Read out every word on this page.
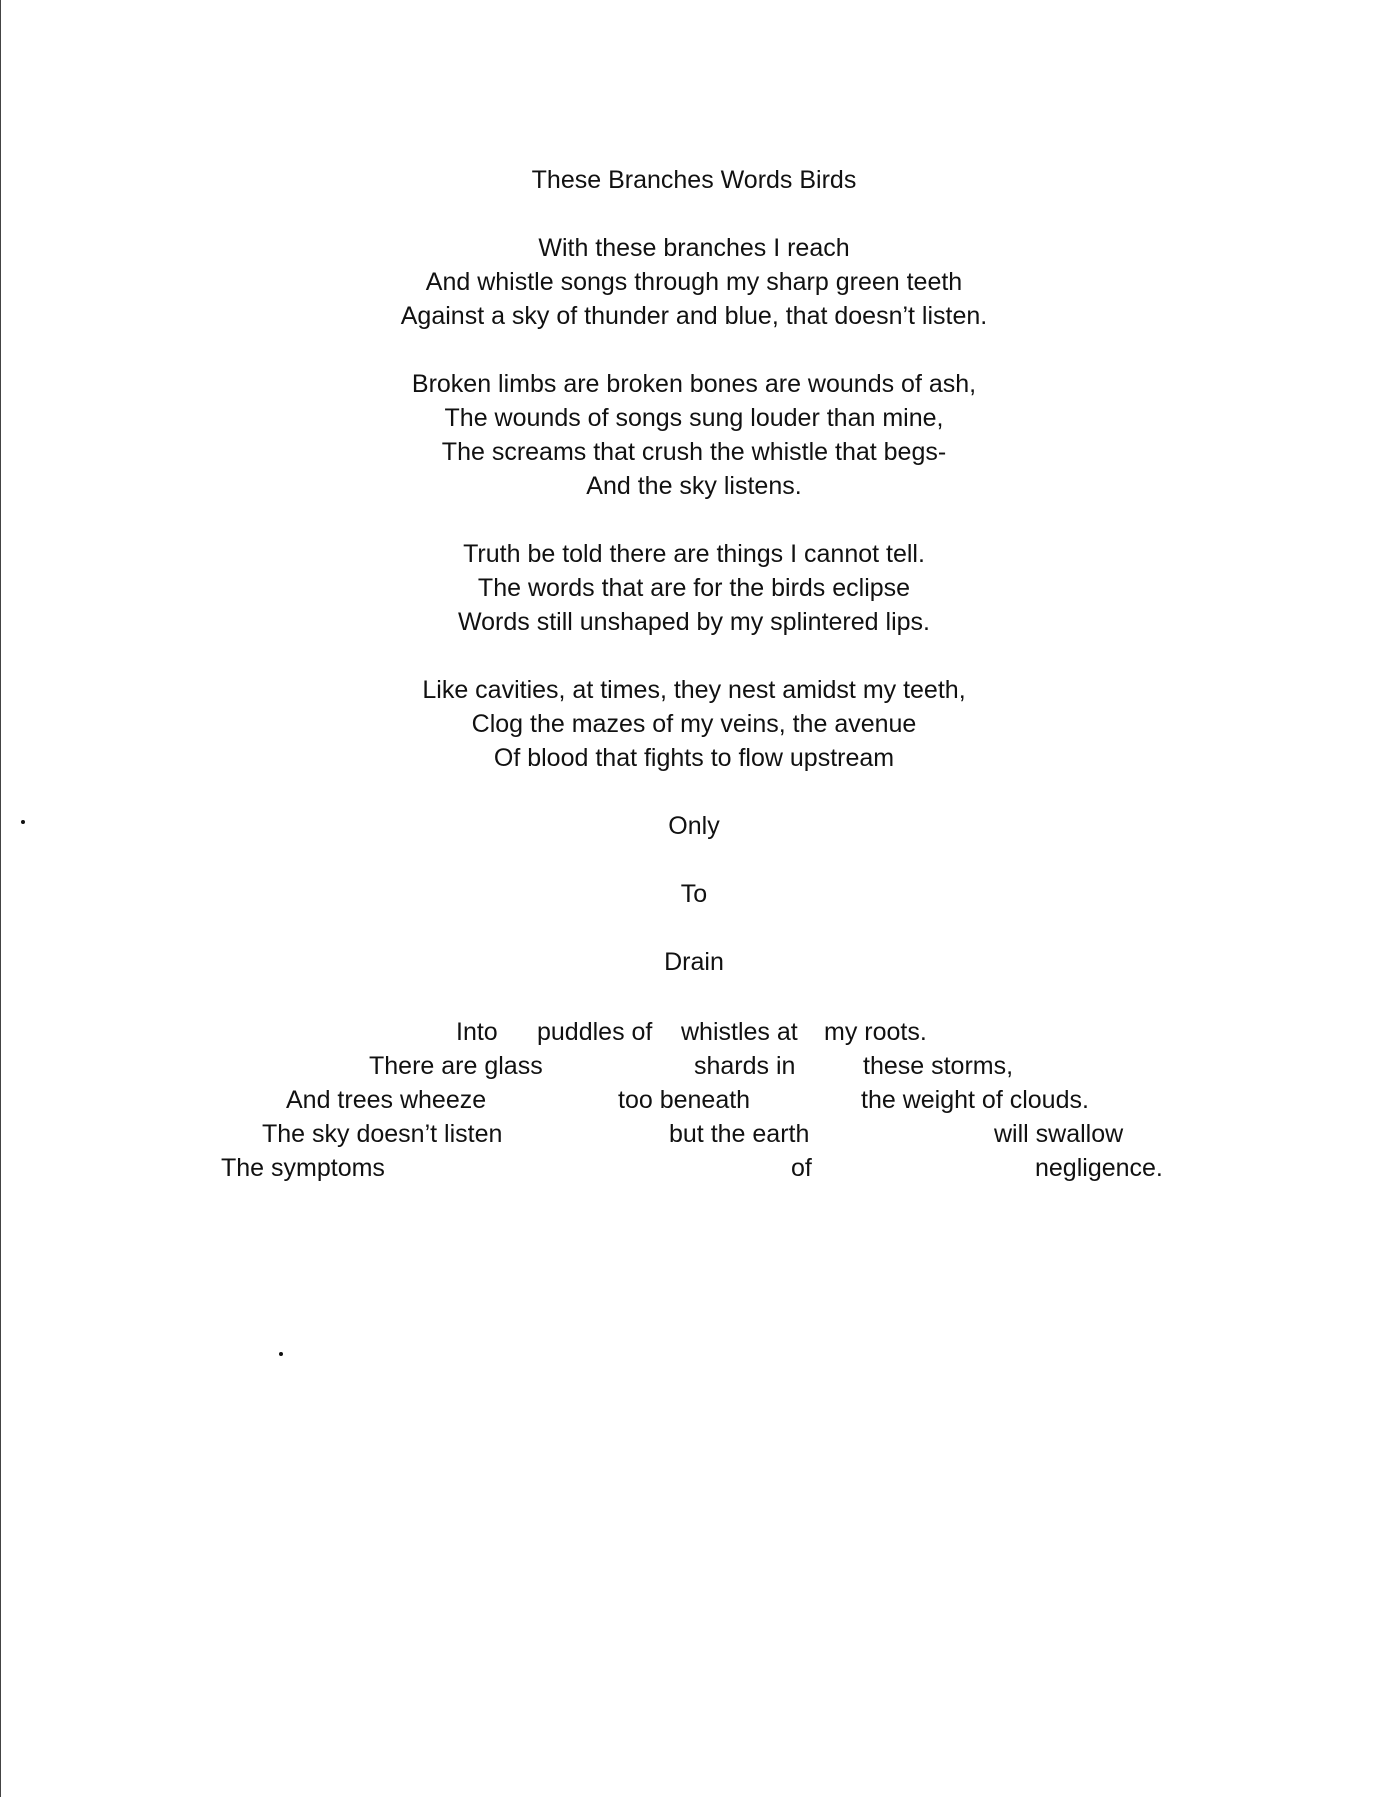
These Branches Words Birds
With these branches I reach
And whistle songs through my sharp green teeth
Against a sky of thunder and blue, that doesn’t listen.
Broken limbs are broken bones are wounds of ash,
The wounds of songs sung louder than mine,
The screams that crush the whistle that begs-
And the sky listens.
Truth be told there are things I cannot tell.
The words that are for the birds eclipse
Words still unshaped by my splintered lips.
Like cavities, at times, they nest amidst my teeth,
Clog the mazes of my veins, the avenue
Of blood that fights to flow upstream
Only
To
Drain
Into puddles of whistles at my roots.
There are glass	shards in	these storms,
And trees wheeze	too beneath	the weight of clouds.
The sky doesn’t listen	but the earth	will swallow
The symptoms	of	negligence.
